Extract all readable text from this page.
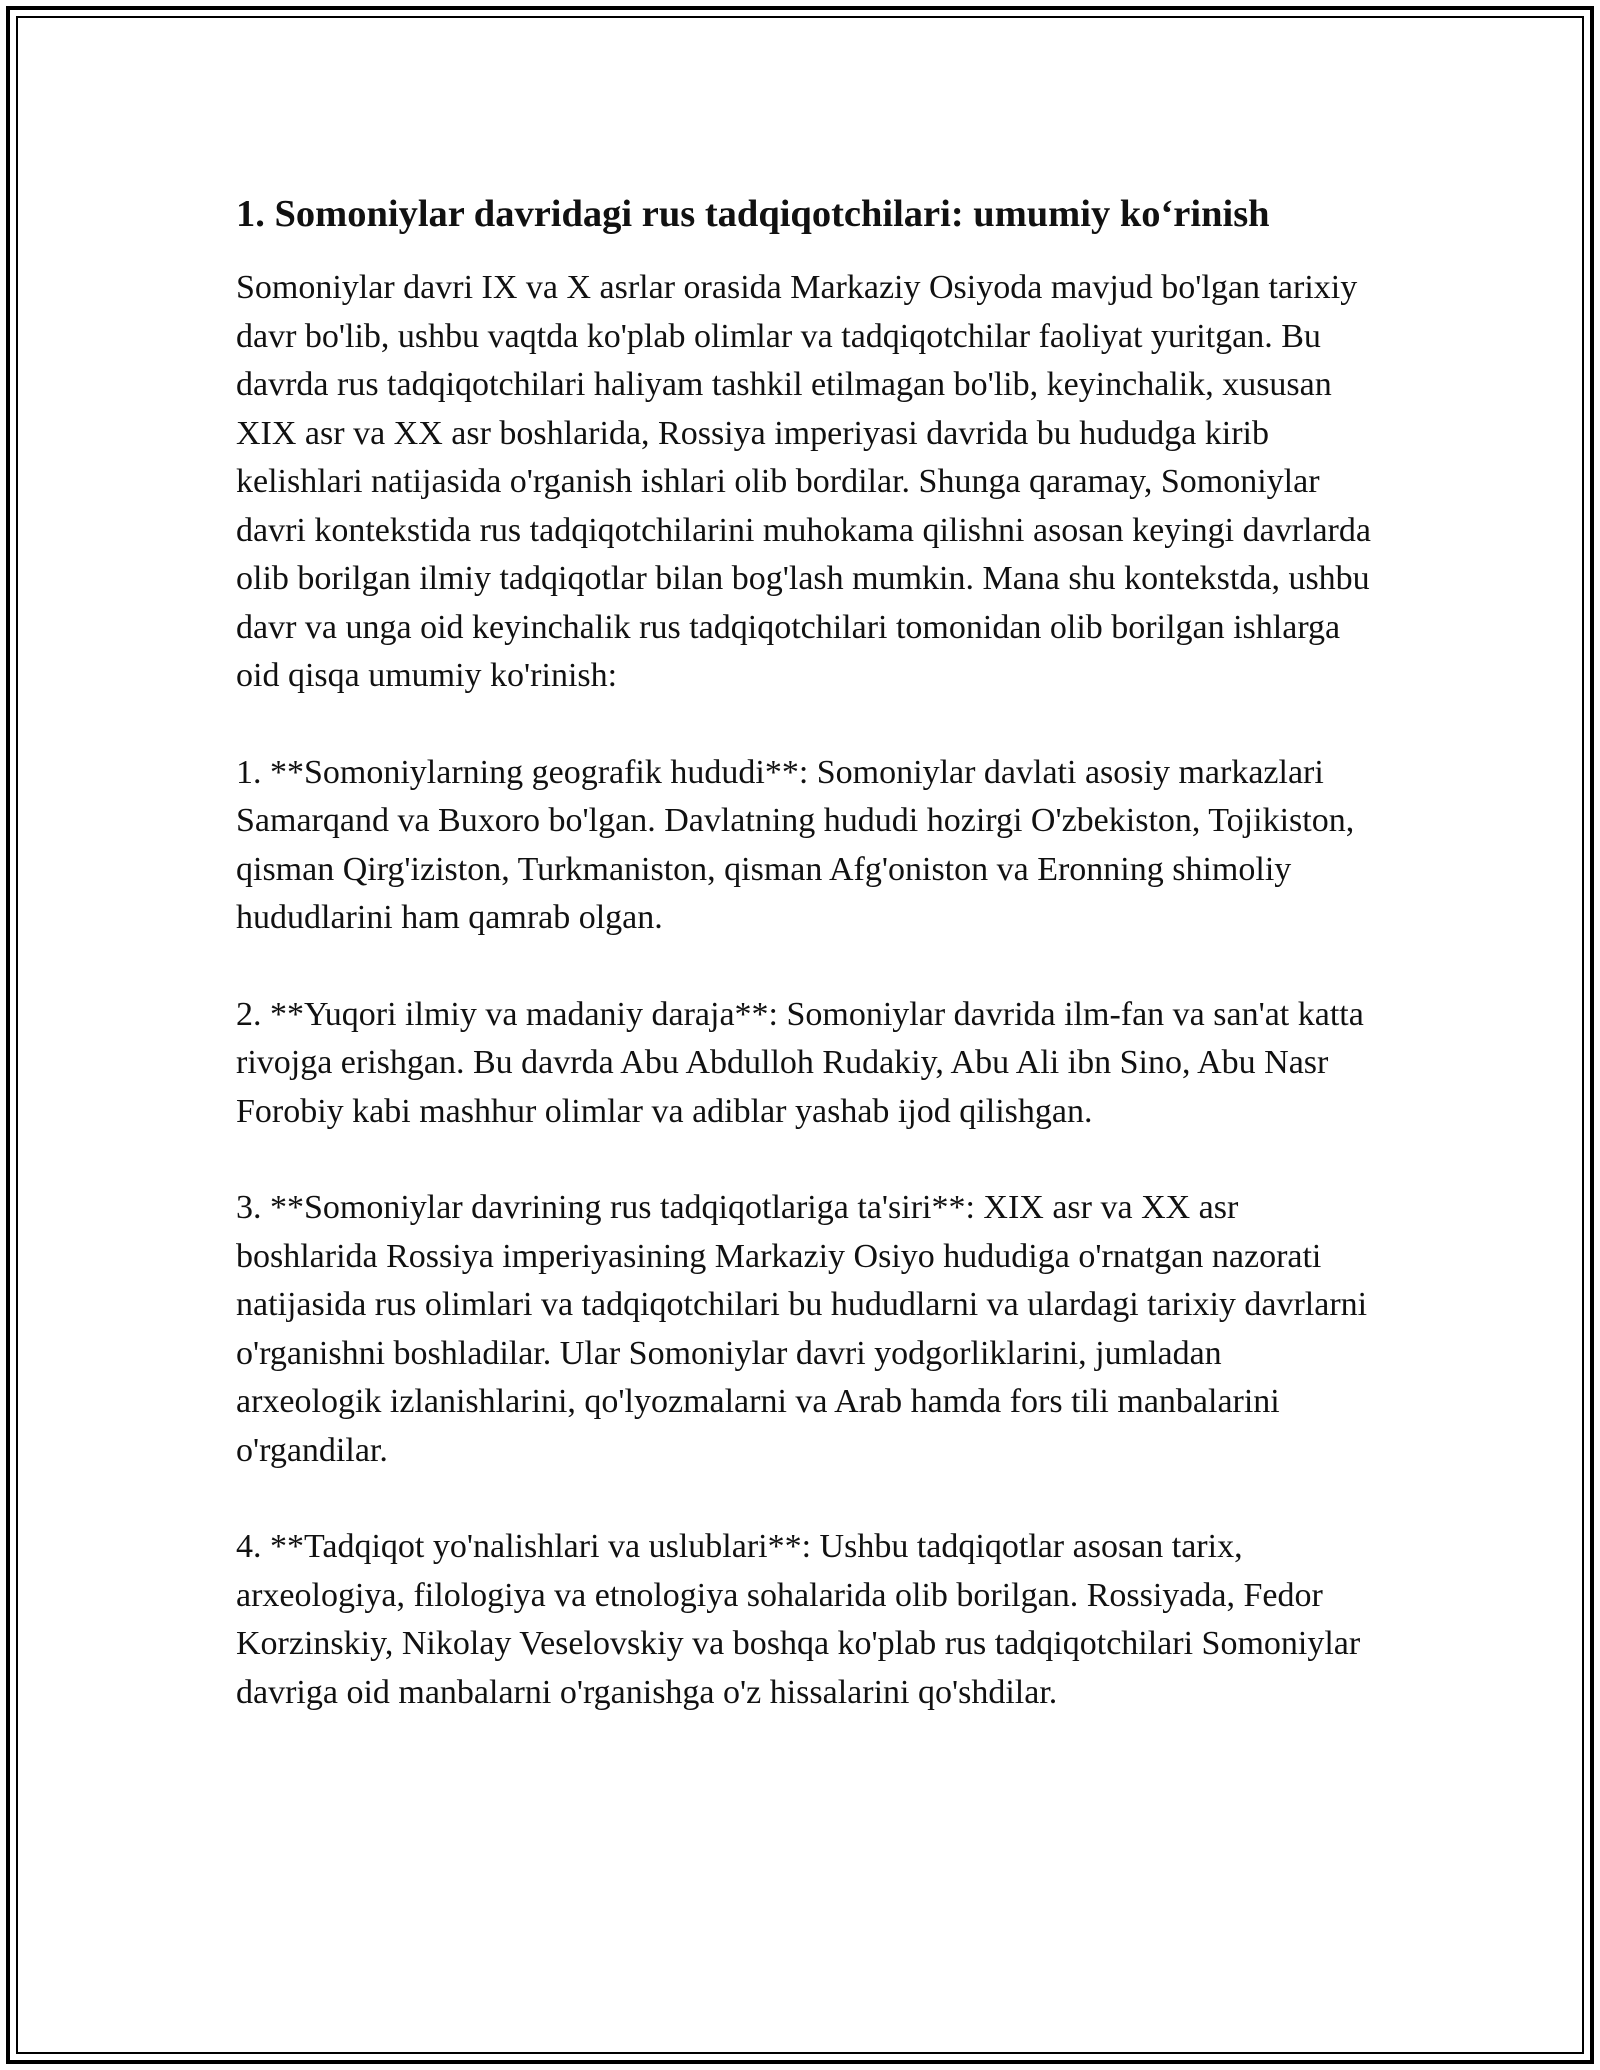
1. Somoniylar davridagi rus tadqiqotchilari: umumiy ko‘rinish

Somoniylar davri IX va X asrlar orasida Markaziy Osiyoda mavjud bo'lgan tarixiy davr bo'lib, ushbu vaqtda ko'plab olimlar va tadqiqotchilar faoliyat yuritgan. Bu davrda rus tadqiqotchilari haliyam tashkil etilmagan bo'lib, keyinchalik, xususan XIX asr va XX asr boshlarida, Rossiya imperiyasi davrida bu hududga kirib kelishlari natijasida o'rganish ishlari olib bordilar. Shunga qaramay, Somoniylar davri kontekstida rus tadqiqotchilarini muhokama qilishni asosan keyingi davrlarda olib borilgan ilmiy tadqiqotlar bilan bog'lash mumkin. Mana shu kontekstda, ushbu davr va unga oid keyinchalik rus tadqiqotchilari tomonidan olib borilgan ishlarga oid qisqa umumiy ko'rinish:

1. **Somoniylarning geografik hududi**: Somoniylar davlati asosiy markazlari Samarqand va Buxoro bo'lgan. Davlatning hududi hozirgi O'zbekiston, Tojikiston, qisman Qirg'iziston, Turkmaniston, qisman Afg'oniston va Eronning shimoliy hududlarini ham qamrab olgan.

2. **Yuqori ilmiy va madaniy daraja**: Somoniylar davrida ilm-fan va san'at katta rivojga erishgan. Bu davrda Abu Abdulloh Rudakiy, Abu Ali ibn Sino, Abu Nasr Forobiy kabi mashhur olimlar va adiblar yashab ijod qilishgan.

3. **Somoniylar davrining rus tadqiqotlariga ta'siri**: XIX asr va XX asr boshlarida Rossiya imperiyasining Markaziy Osiyo hududiga o'rnatgan nazorati natijasida rus olimlari va tadqiqotchilari bu hududlarni va ulardagi tarixiy davrlarni o'rganishni boshladilar. Ular Somoniylar davri yodgorliklarini, jumladan arxeologik izlanishlarini, qo'lyozmalarni va Arab hamda fors tili manbalarini o'rgandilar.

4. **Tadqiqot yo'nalishlari va uslublari**: Ushbu tadqiqotlar asosan tarix, arxeologiya, filologiya va etnologiya sohalarida olib borilgan. Rossiyada, Fedor Korzinskiy, Nikolay Veselovskiy va boshqa ko'plab rus tadqiqotchilari Somoniylar davriga oid manbalarni o'rganishga o'z hissalarini qo'shdilar.
